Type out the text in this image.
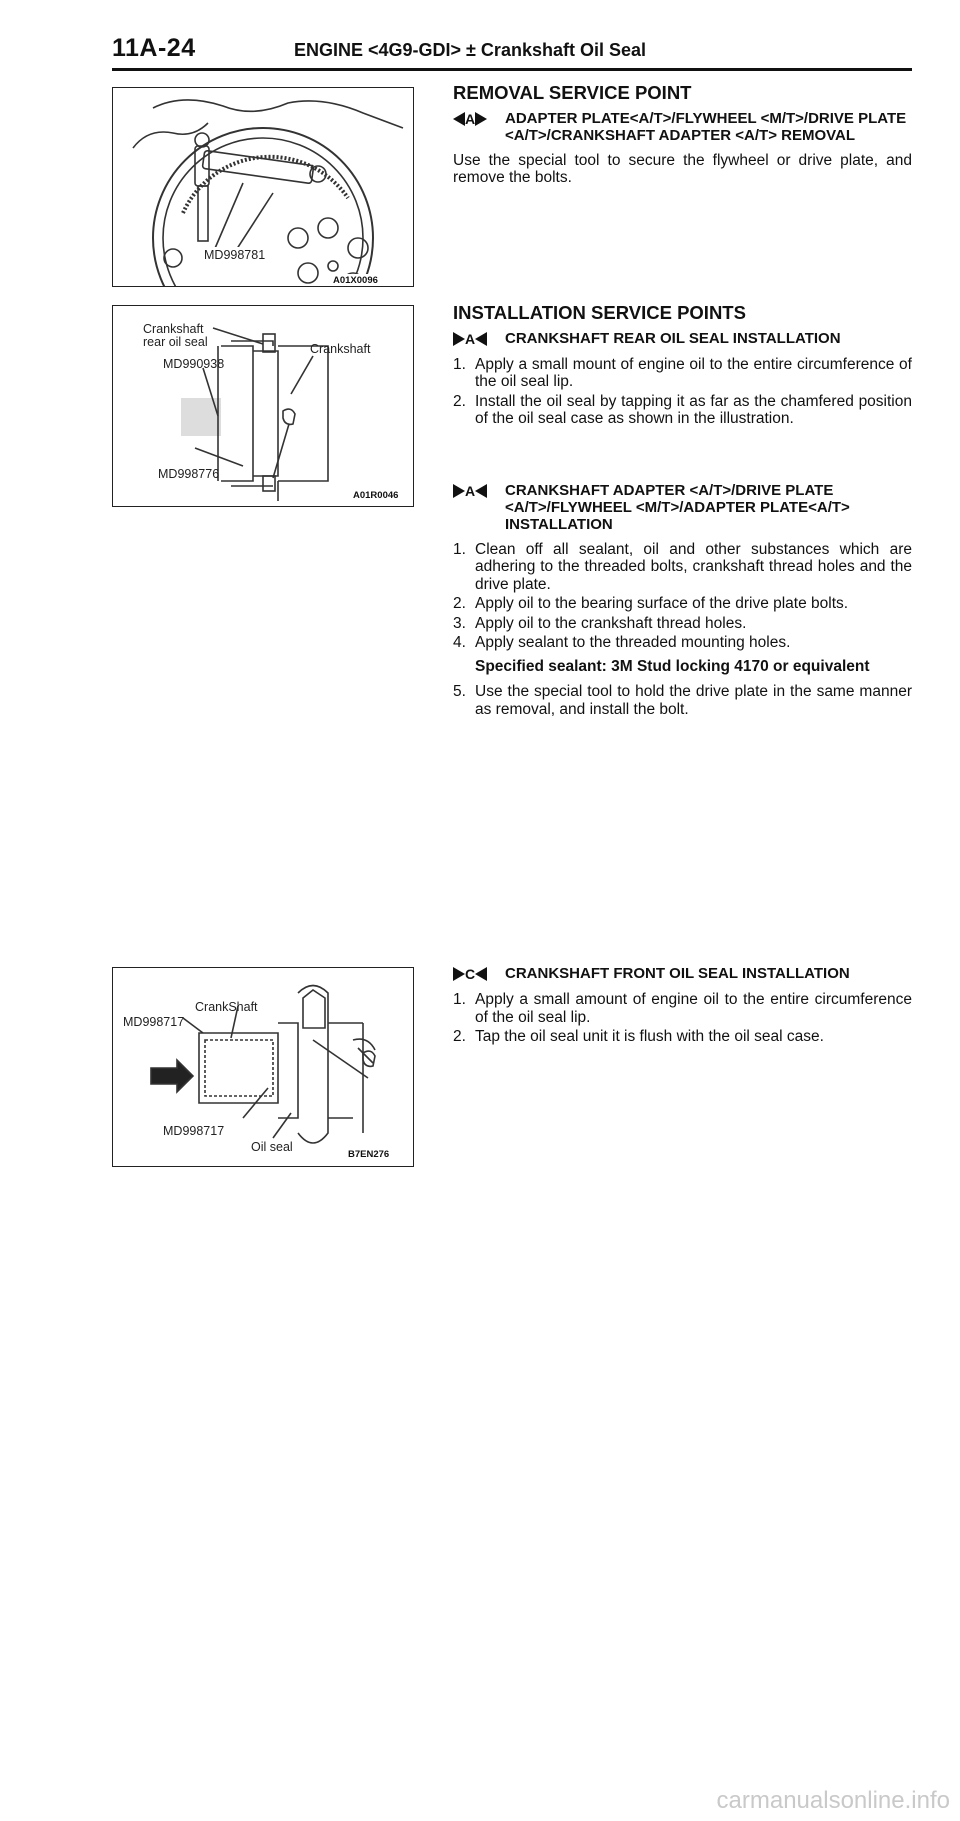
11A-24	ENGINE <4G9-GDI> ± Crankshaft Oil Seal
MD998781
A01X0096
Crankshaft
rear oil seal	Crankshaft
MD990938
MD998776
A01R0046
CrankShaft
MD998717
MD998717
Oil seal
B7EN276
REMOVAL SERVICE POINT
A ADAPTER PLATE<A/T>/FLYWHEEL <M/T>/DRIVE PLATE <A/T>/CRANKSHAFT ADAPTER <A/T> REMOVAL
Use the special tool to secure the flywheel or drive plate, and remove the bolts.
INSTALLATION SERVICE POINTS
A CRANKSHAFT REAR OIL SEAL INSTALLATION
1. Apply a small mount of engine oil to the entire circumference of the oil seal lip.
2. Install the oil seal by tapping it as far as the chamfered position of the oil seal case as shown in the illustration.
A CRANKSHAFT ADAPTER <A/T>/DRIVE PLATE <A/T>/FLYWHEEL <M/T>/ADAPTER PLATE<A/T> INSTALLATION
1. Clean off all sealant, oil and other substances which are adhering to the threaded bolts, crankshaft thread holes and the drive plate.
2. Apply oil to the bearing surface of the drive plate bolts.
3. Apply oil to the crankshaft thread holes.
4. Apply sealant to the threaded mounting holes.
Specified sealant: 3M Stud locking 4170 or equivalent
5. Use the special tool to hold the drive plate in the same manner as removal, and install the bolt.
C CRANKSHAFT FRONT OIL SEAL INSTALLATION
1. Apply a small amount of engine oil to the entire circumference of the oil seal lip.
2. Tap the oil seal unit it is flush with the oil seal case.
carmanualsonline.info
